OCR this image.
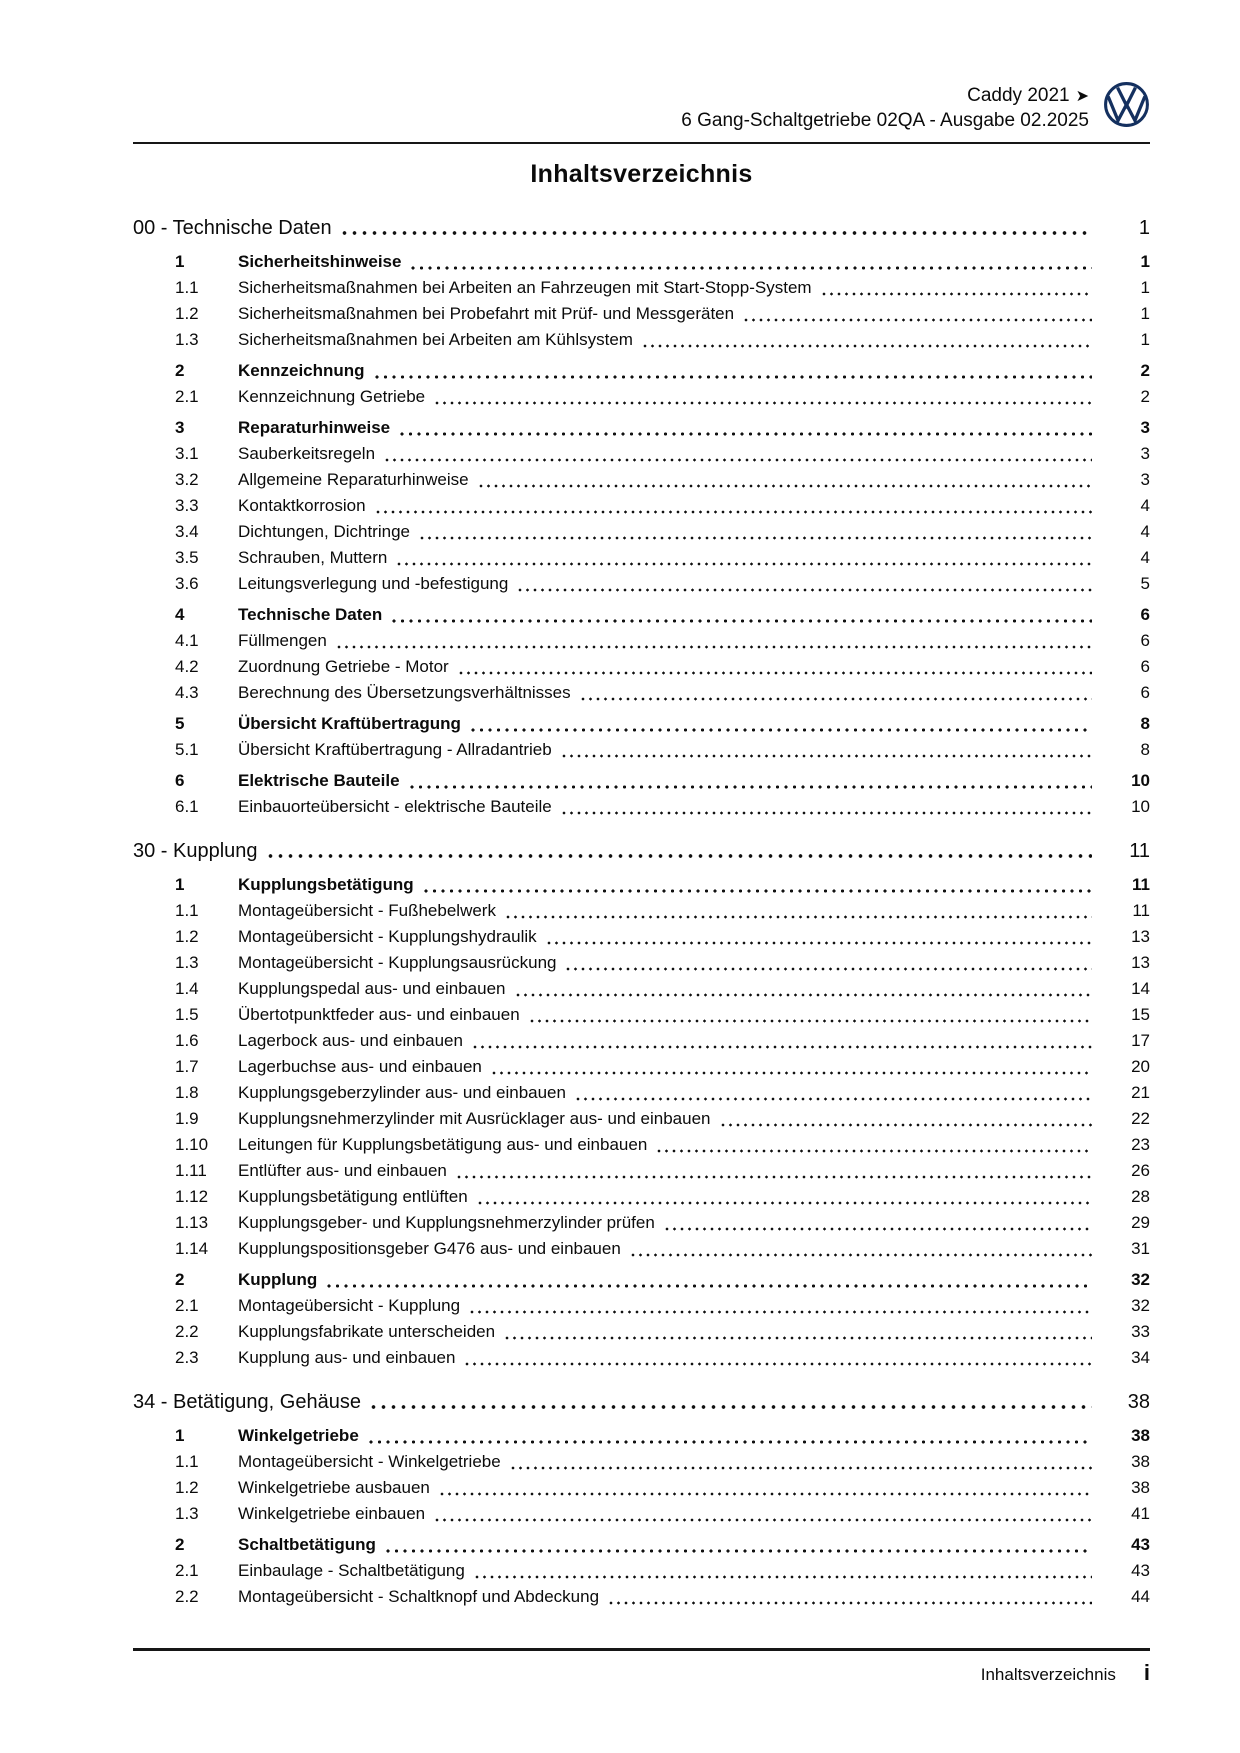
Caddy 2021 ➤
6 Gang-Schaltgetriebe 02QA - Ausgabe 02.2025
Inhaltsverzeichnis
00 - Technische Daten	1
1	Sicherheitshinweise	1
1.1	Sicherheitsmaßnahmen bei Arbeiten an Fahrzeugen mit Start-Stopp-System	1
1.2	Sicherheitsmaßnahmen bei Probefahrt mit Prüf- und Messgeräten	1
1.3	Sicherheitsmaßnahmen bei Arbeiten am Kühlsystem	1
2	Kennzeichnung	2
2.1	Kennzeichnung Getriebe	2
3	Reparaturhinweise	3
3.1	Sauberkeitsregeln	3
3.2	Allgemeine Reparaturhinweise	3
3.3	Kontaktkorrosion	4
3.4	Dichtungen, Dichtringe	4
3.5	Schrauben, Muttern	4
3.6	Leitungsverlegung und -befestigung	5
4	Technische Daten	6
4.1	Füllmengen	6
4.2	Zuordnung Getriebe - Motor	6
4.3	Berechnung des Übersetzungsverhältnisses	6
5	Übersicht Kraftübertragung	8
5.1	Übersicht Kraftübertragung - Allradantrieb	8
6	Elektrische Bauteile	10
6.1	Einbauorteübersicht - elektrische Bauteile	10
30 - Kupplung	11
1	Kupplungsbetätigung	11
1.1	Montageübersicht - Fußhebelwerk	11
1.2	Montageübersicht - Kupplungshydraulik	13
1.3	Montageübersicht - Kupplungsausrückung	13
1.4	Kupplungspedal aus- und einbauen	14
1.5	Übertotpunktfeder aus- und einbauen	15
1.6	Lagerbock aus- und einbauen	17
1.7	Lagerbuchse aus- und einbauen	20
1.8	Kupplungsgeberzylinder aus- und einbauen	21
1.9	Kupplungsnehmerzylinder mit Ausrücklager aus- und einbauen	22
1.10	Leitungen für Kupplungsbetätigung aus- und einbauen	23
1.11	Entlüfter aus- und einbauen	26
1.12	Kupplungsbetätigung entlüften	28
1.13	Kupplungsgeber- und Kupplungsnehmerzylinder prüfen	29
1.14	Kupplungspositionsgeber G476 aus- und einbauen	31
2	Kupplung	32
2.1	Montageübersicht - Kupplung	32
2.2	Kupplungsfabrikate unterscheiden	33
2.3	Kupplung aus- und einbauen	34
34 - Betätigung, Gehäuse	38
1	Winkelgetriebe	38
1.1	Montageübersicht - Winkelgetriebe	38
1.2	Winkelgetriebe ausbauen	38
1.3	Winkelgetriebe einbauen	41
2	Schaltbetätigung	43
2.1	Einbaulage - Schaltbetätigung	43
2.2	Montageübersicht - Schaltknopf und Abdeckung	44
Inhaltsverzeichnis i
